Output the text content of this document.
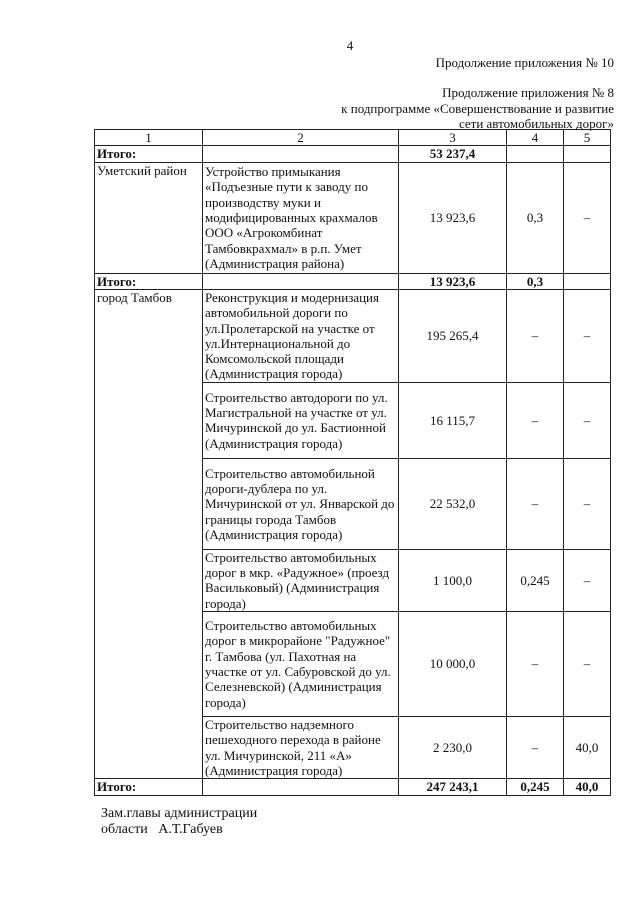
4
Продолжение приложения № 10
Продолжение приложения № 8
к подпрограмме «Совершенствование и развитие
сети автомобильных дорог»
1	2	3	4	5
Итого:		53 237,4		
Уметский район	Устройство примыкания «Подъезные пути к заводу по производству муки и модифицированных крахмалов ООО «Агрокомбинат Тамбовкрахмал» в р.п. Умет (Администрация района)	13 923,6	0,3	–
Итого:		13 923,6	0,3	
город Тамбов	Реконструкция и модернизация автомобильной дороги по ул.Пролетарской на участке от ул.Интернациональной до Комсомольской площади (Администрация города)	195 265,4	–	–
	Строительство автодороги по ул. Магистральной на участке от ул. Мичуринской до ул. Бастионной (Администрация города)	16 115,7	–	–
	Строительство автомобильной дороги-дублера по ул. Мичуринской от ул. Январской до границы города Тамбов (Администрация города)	22 532,0	–	–
	Строительство автомобильных дорог в мкр. «Радужное» (проезд Васильковый) (Администрация города)	1 100,0	0,245	–
	Строительство автомобильных дорог в микрорайоне "Радужное" г. Тамбова (ул. Пахотная на участке от ул. Сабуровской до ул. Селезневской) (Администрация города)	10 000,0	–	–
	Строительство надземного пешеходного перехода в районе ул. Мичуринской, 211 «А» (Администрация города)	2 230,0	–	40,0
Итого:		247 243,1	0,245	40,0
Зам.главы администрации
области   А.Т.Габуев
